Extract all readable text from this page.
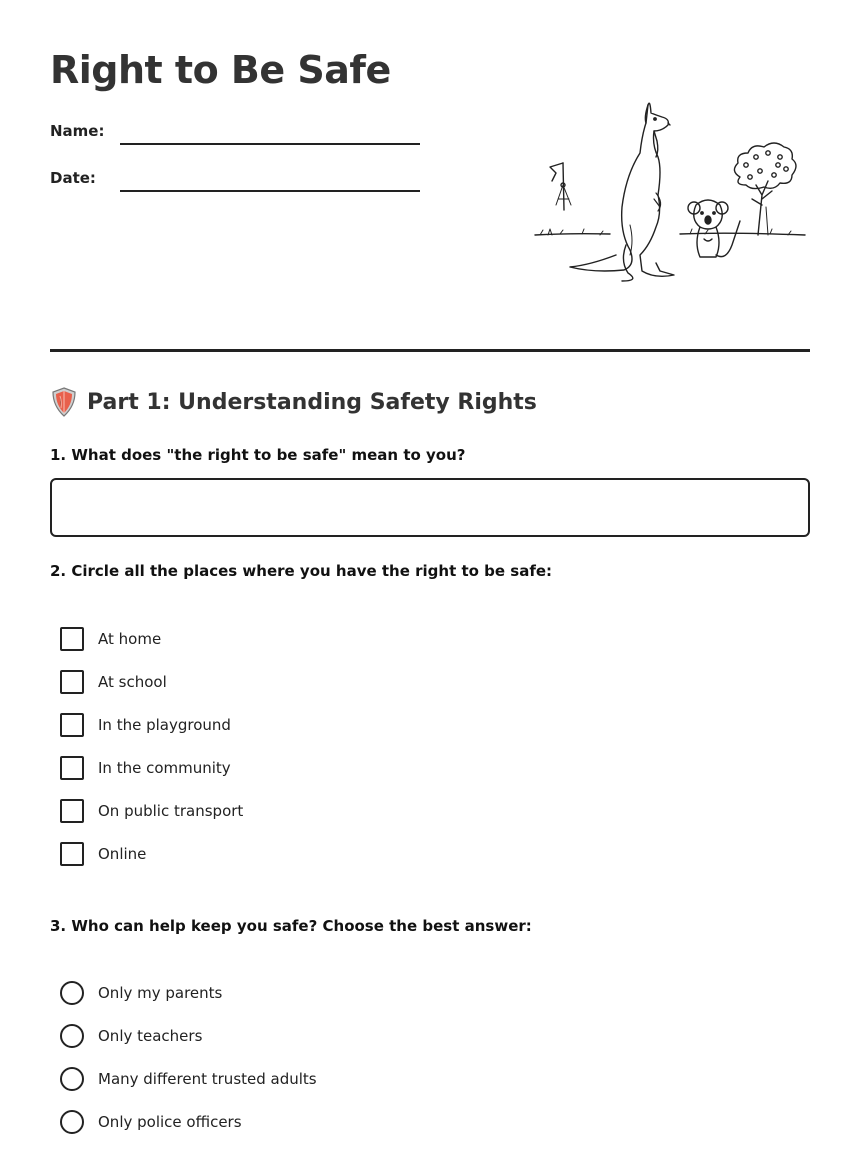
Right to Be Safe
Name:
Date:
Part 1: Understanding Safety Rights
1. What does "the right to be safe" mean to you?
2. Circle all the places where you have the right to be safe:
At home
At school
In the playground
In the community
On public transport
Online
3. Who can help keep you safe? Choose the best answer:
Only my parents
Only teachers
Many different trusted adults
Only police officers
